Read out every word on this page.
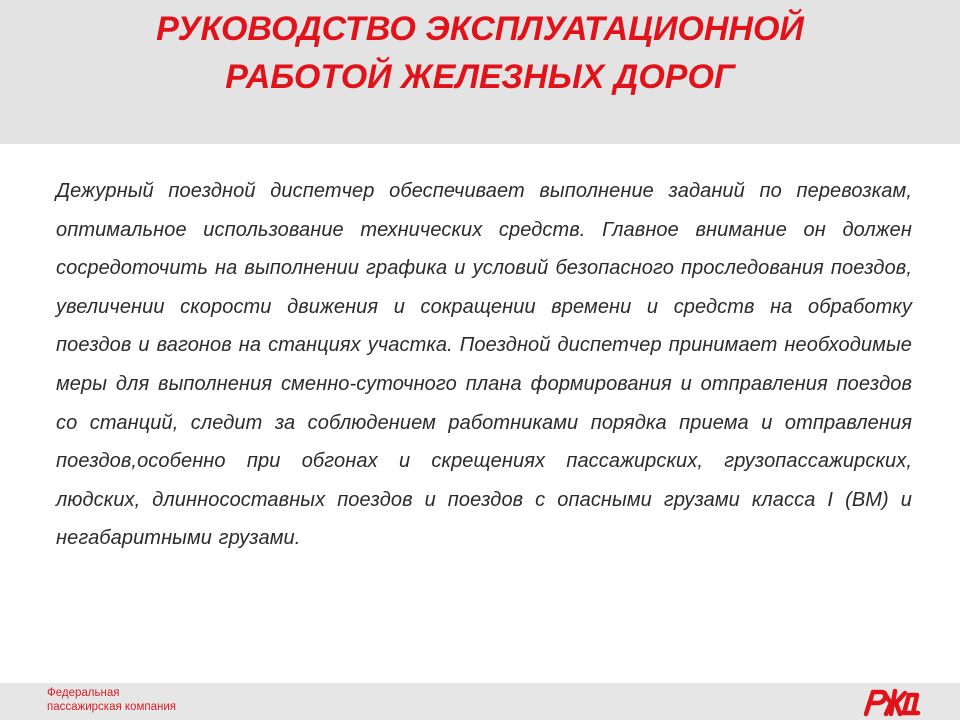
РУКОВОДСТВО ЭКСПЛУАТАЦИОННОЙ
РАБОТОЙ ЖЕЛЕЗНЫХ ДОРОГ

Дежурный поездной диспетчер обеспечивает выполнение заданий по перевозкам, оптимальное использование технических средств. Главное внимание он должен сосредоточить на выполнении графика и условий безопасного проследования поездов, увеличении скорости движения и сокращении времени и средств на обработку поездов и вагонов на станциях участка. Поездной диспетчер принимает необходимые меры для выполнения сменно-суточного плана формирования и отправления поездов со станций, следит за соблюдением работниками порядка приема и отправления поездов,особенно при обгонах и скрещениях пассажирских, грузопассажирских, людских, длинносоставных поездов и поездов с опасными грузами класса I (ВМ) и негабаритными грузами.

Федеральная
пассажирская компания
